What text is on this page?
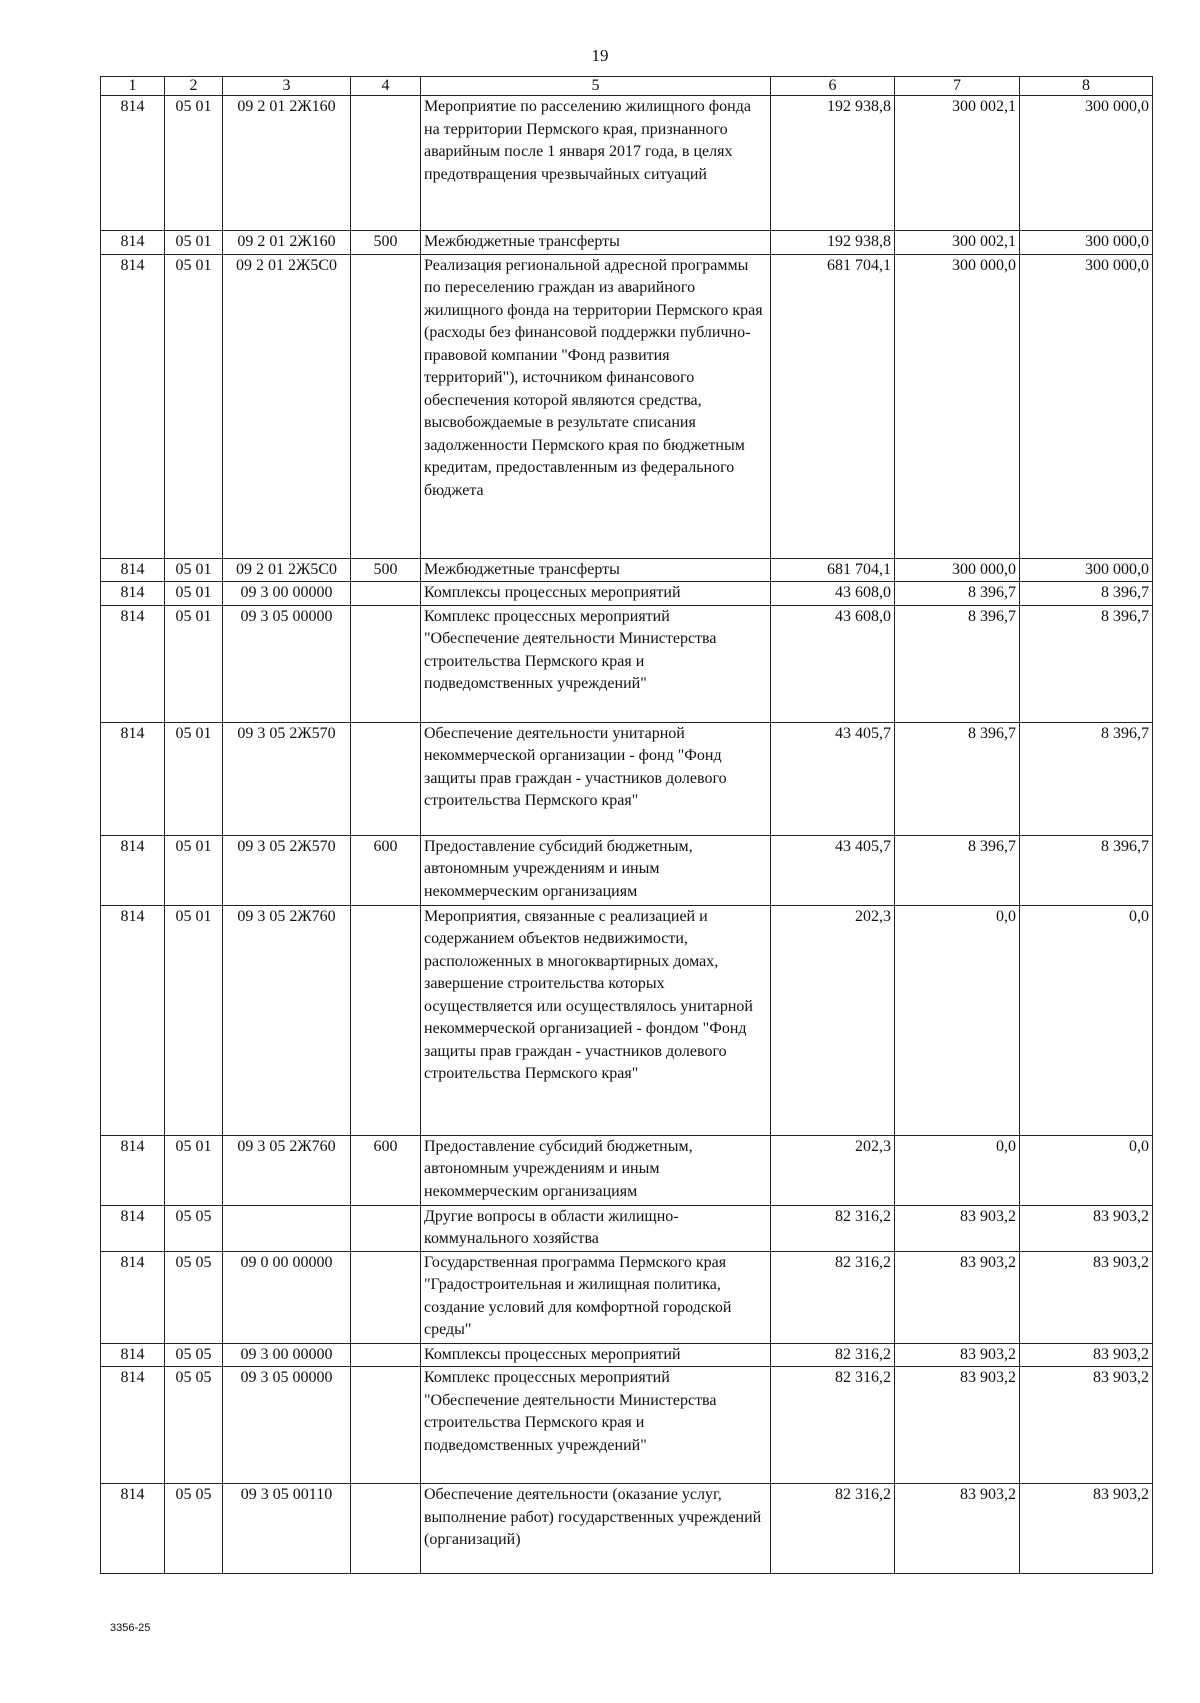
19
1	2	3	4	5	6	7	8
814	05 01	09 2 01 2Ж160		Мероприятие по расселению жилищного фонда на территории Пермского края, признанного аварийным после 1 января 2017 года, в целях предотвращения чрезвычайных ситуаций	192 938,8	300 002,1	300 000,0
814	05 01	09 2 01 2Ж160	500	Межбюджетные трансферты	192 938,8	300 002,1	300 000,0
814	05 01	09 2 01 2Ж5С0		Реализация региональной адресной программы по переселению граждан из аварийного жилищного фонда на территории Пермского края (расходы без финансовой поддержки публично-правовой компании "Фонд развития территорий"), источником финансового обеспечения которой являются средства, высвобождаемые в результате списания задолженности Пермского края по бюджетным кредитам, предоставленным из федерального бюджета	681 704,1	300 000,0	300 000,0
814	05 01	09 2 01 2Ж5С0	500	Межбюджетные трансферты	681 704,1	300 000,0	300 000,0
814	05 01	09 3 00 00000		Комплексы процессных мероприятий	43 608,0	8 396,7	8 396,7
814	05 01	09 3 05 00000		Комплекс процессных мероприятий "Обеспечение деятельности Министерства строительства Пермского края и подведомственных учреждений"	43 608,0	8 396,7	8 396,7
814	05 01	09 3 05 2Ж570		Обеспечение деятельности унитарной некоммерческой организации - фонд "Фонд защиты прав граждан - участников долевого строительства Пермского края"	43 405,7	8 396,7	8 396,7
814	05 01	09 3 05 2Ж570	600	Предоставление субсидий бюджетным, автономным учреждениям и иным некоммерческим организациям	43 405,7	8 396,7	8 396,7
814	05 01	09 3 05 2Ж760		Мероприятия, связанные с реализацией и содержанием объектов недвижимости, расположенных в многоквартирных домах, завершение строительства которых осуществляется или осуществлялось унитарной некоммерческой организацией - фондом "Фонд защиты прав граждан - участников долевого строительства Пермского края"	202,3	0,0	0,0
814	05 01	09 3 05 2Ж760	600	Предоставление субсидий бюджетным, автономным учреждениям и иным некоммерческим организациям	202,3	0,0	0,0
814	05 05			Другие вопросы в области жилищно-коммунального хозяйства	82 316,2	83 903,2	83 903,2
814	05 05	09 0 00 00000		Государственная программа Пермского края "Градостроительная и жилищная политика, создание условий для комфортной городской среды"	82 316,2	83 903,2	83 903,2
814	05 05	09 3 00 00000		Комплексы процессных мероприятий	82 316,2	83 903,2	83 903,2
814	05 05	09 3 05 00000		Комплекс процессных мероприятий "Обеспечение деятельности Министерства строительства Пермского края и подведомственных учреждений"	82 316,2	83 903,2	83 903,2
814	05 05	09 3 05 00110		Обеспечение деятельности (оказание услуг, выполнение работ) государственных учреждений (организаций)	82 316,2	83 903,2	83 903,2
3356-25
